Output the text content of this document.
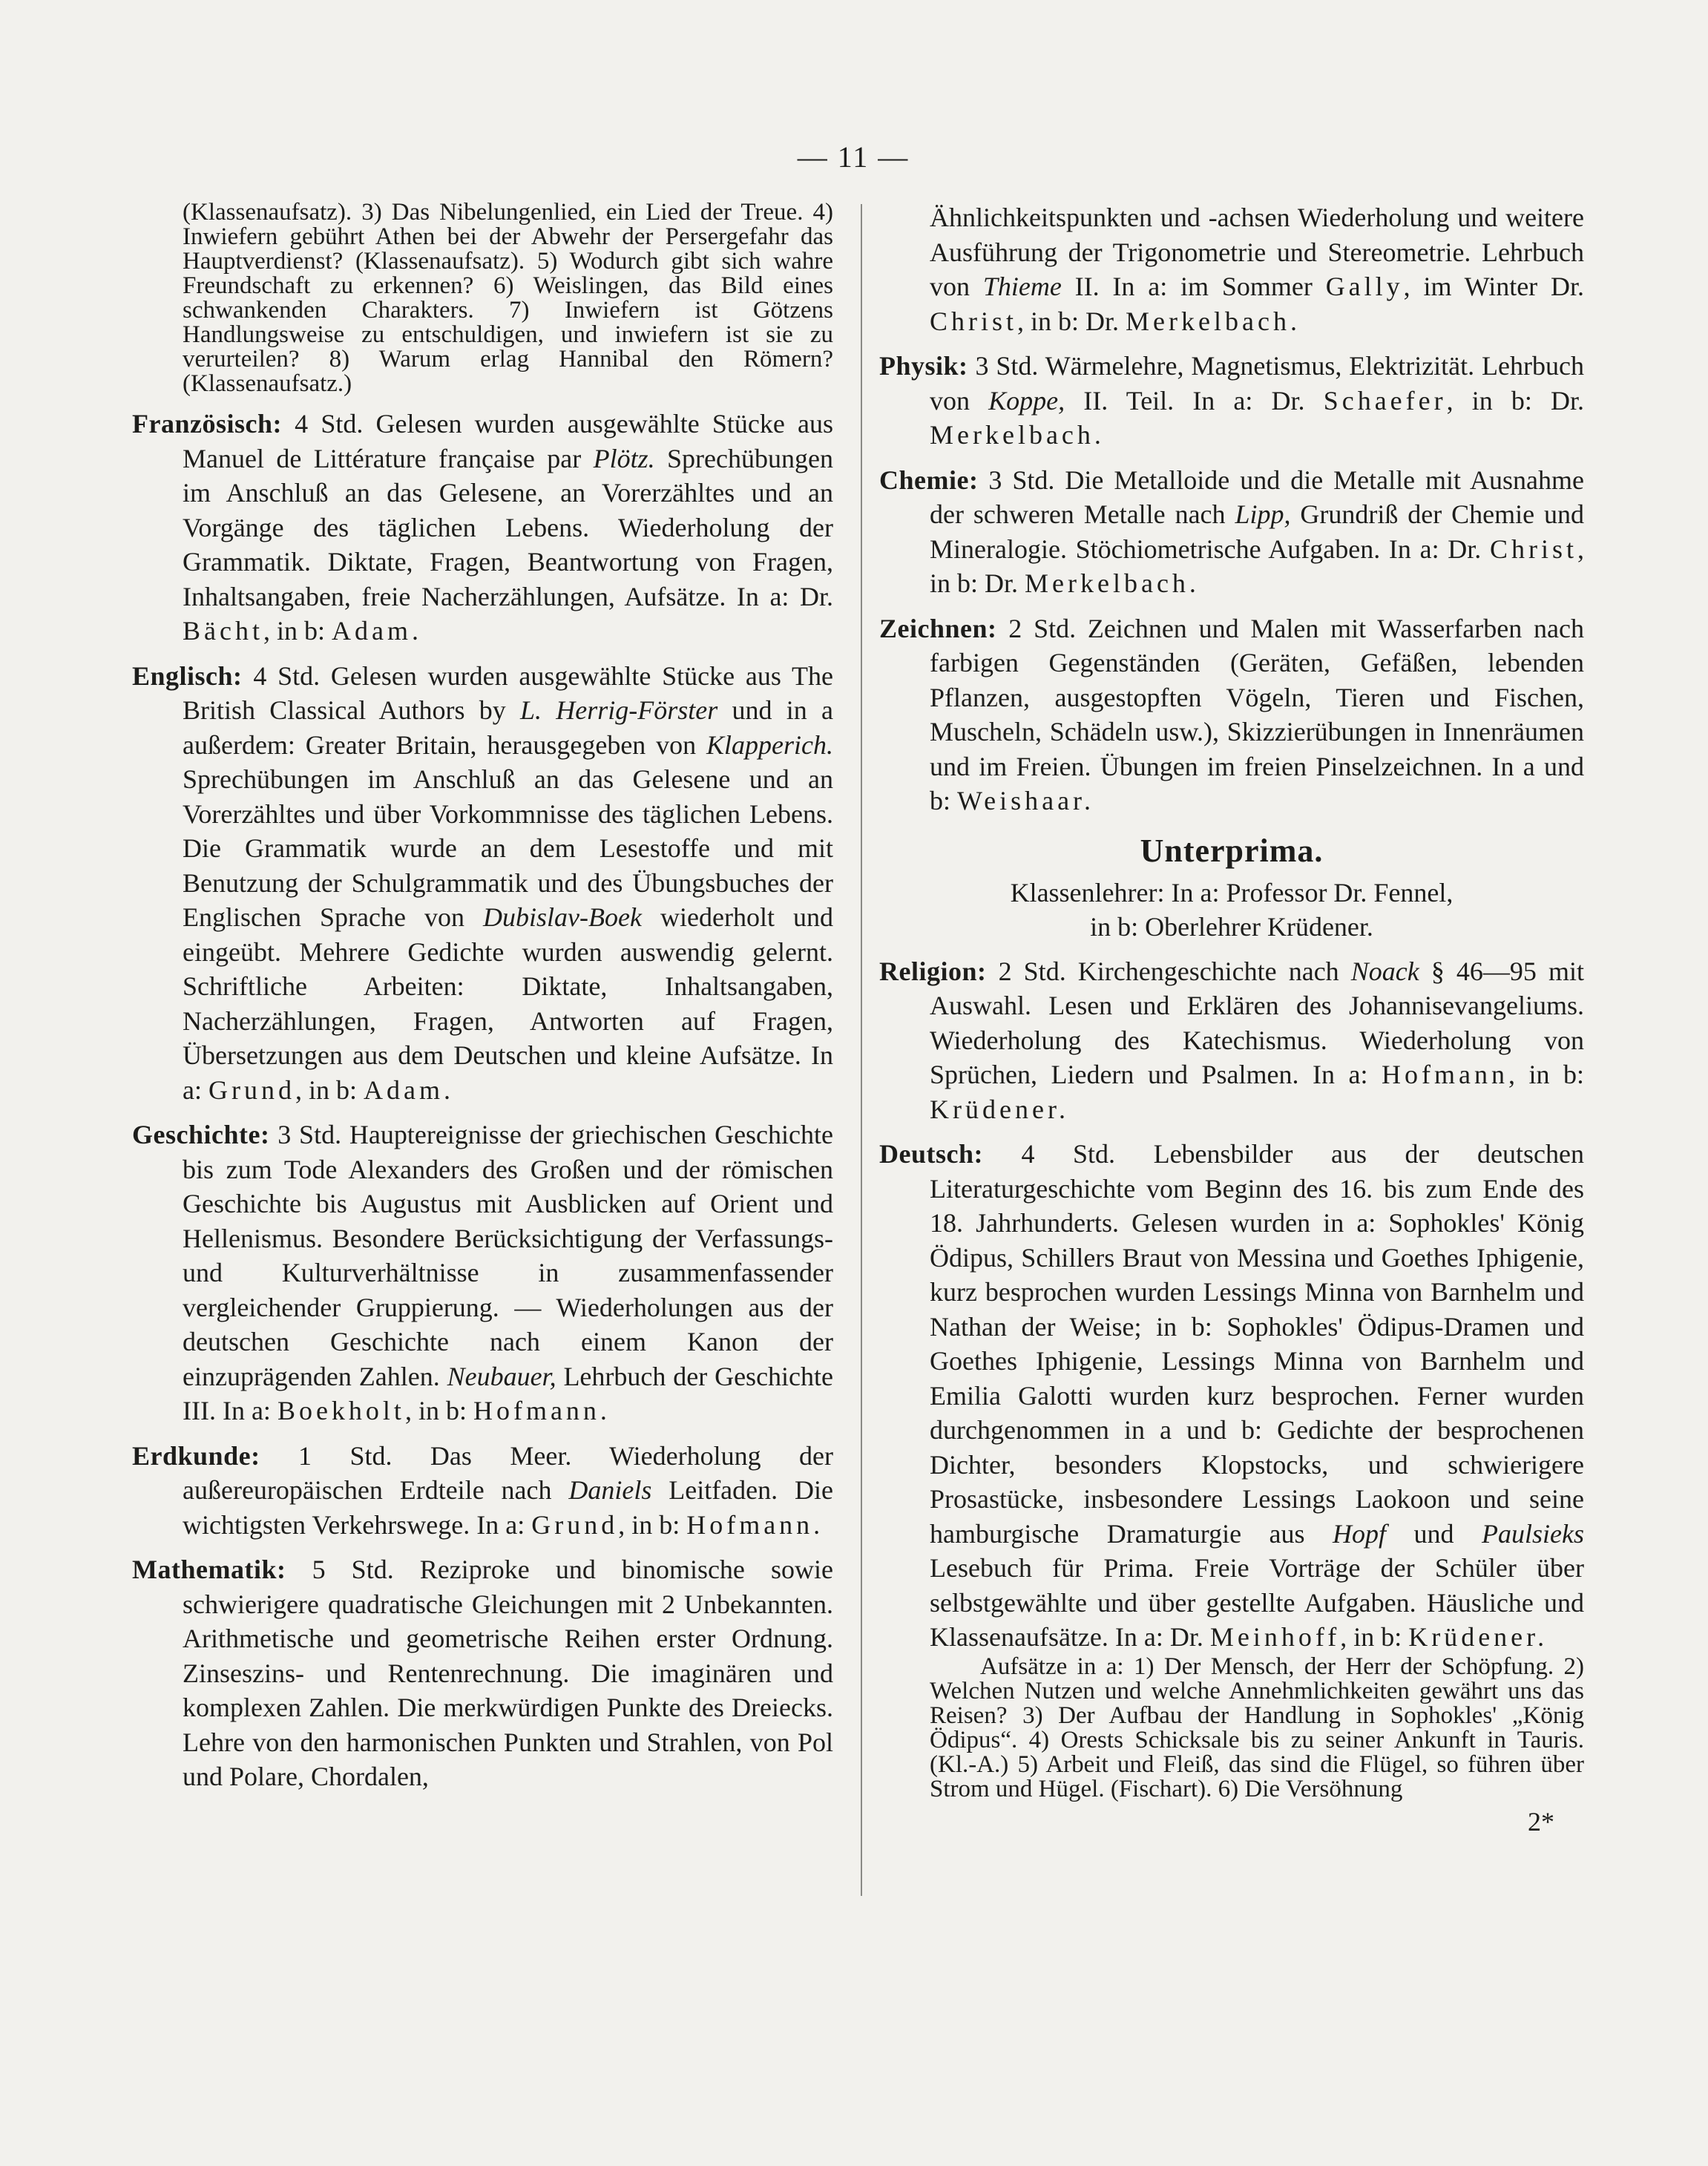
— 11 —

(Klassenaufsatz). 3) Das Nibelungenlied, ein Lied der Treue. 4) Inwiefern gebührt Athen bei der Abwehr der Persergefahr das Hauptverdienst? (Klassenaufsatz). 5) Wodurch gibt sich wahre Freundschaft zu erkennen? 6) Weislingen, das Bild eines schwankenden Charakters. 7) Inwiefern ist Götzens Handlungsweise zu entschuldigen, und inwiefern ist sie zu verurteilen? 8) Warum erlag Hannibal den Römern? (Klassenaufsatz.)

Französisch: 4 Std. Gelesen wurden ausgewählte Stücke aus Manuel de Littérature française par Plötz. Sprechübungen im Anschluß an das Gelesene, an Vorerzähltes und an Vorgänge des täglichen Lebens. Wiederholung der Grammatik. Diktate, Fragen, Beantwortung von Fragen, Inhaltsangaben, freie Nacherzählungen, Aufsätze. In a: Dr. Bächt, in b: Adam.

Englisch: 4 Std. Gelesen wurden ausgewählte Stücke aus The British Classical Authors by L. Herrig-Förster und in a außerdem: Greater Britain, herausgegeben von Klapperich. Sprechübungen im Anschluß an das Gelesene und an Vorerzähltes und über Vorkommnisse des täglichen Lebens. Die Grammatik wurde an dem Lesestoffe und mit Benutzung der Schulgrammatik und des Übungsbuches der Englischen Sprache von Dubislav-Boek wiederholt und eingeübt. Mehrere Gedichte wurden auswendig gelernt. Schriftliche Arbeiten: Diktate, Inhaltsangaben, Nacherzählungen, Fragen, Antworten auf Fragen, Übersetzungen aus dem Deutschen und kleine Aufsätze. In a: Grund, in b: Adam.

Geschichte: 3 Std. Hauptereignisse der griechischen Geschichte bis zum Tode Alexanders des Großen und der römischen Geschichte bis Augustus mit Ausblicken auf Orient und Hellenismus. Besondere Berücksichtigung der Verfassungs- und Kulturverhältnisse in zusammenfassender vergleichender Gruppierung. — Wiederholungen aus der deutschen Geschichte nach einem Kanon der einzuprägenden Zahlen. Neubauer, Lehrbuch der Geschichte III. In a: Boekholt, in b: Hofmann.

Erdkunde: 1 Std. Das Meer. Wiederholung der außereuropäischen Erdteile nach Daniels Leitfaden. Die wichtigsten Verkehrswege. In a: Grund, in b: Hofmann.

Mathematik: 5 Std. Reziproke und binomische sowie schwierigere quadratische Gleichungen mit 2 Unbekannten. Arithmetische und geometrische Reihen erster Ordnung. Zinseszins- und Rentenrechnung. Die imaginären und komplexen Zahlen. Die merkwürdigen Punkte des Dreiecks. Lehre von den harmonischen Punkten und Strahlen, von Pol und Polare, Chordalen,

Ähnlichkeitspunkten und -achsen Wiederholung und weitere Ausführung der Trigonometrie und Stereometrie. Lehrbuch von Thieme II. In a: im Sommer Gally, im Winter Dr. Christ, in b: Dr. Merkelbach.

Physik: 3 Std. Wärmelehre, Magnetismus, Elektrizität. Lehrbuch von Koppe, II. Teil. In a: Dr. Schaefer, in b: Dr. Merkelbach.

Chemie: 3 Std. Die Metalloide und die Metalle mit Ausnahme der schweren Metalle nach Lipp, Grundriß der Chemie und Mineralogie. Stöchiometrische Aufgaben. In a: Dr. Christ, in b: Dr. Merkelbach.

Zeichnen: 2 Std. Zeichnen und Malen mit Wasserfarben nach farbigen Gegenständen (Geräten, Gefäßen, lebenden Pflanzen, ausgestopften Vögeln, Tieren und Fischen, Muscheln, Schädeln usw.), Skizzierübungen in Innenräumen und im Freien. Übungen im freien Pinselzeichnen. In a und b: Weishaar.

Unterprima.

Klassenlehrer: In a: Professor Dr. Fennel,

in b: Oberlehrer Krüdener.

Religion: 2 Std. Kirchengeschichte nach Noack § 46—95 mit Auswahl. Lesen und Erklären des Johannisevangeliums. Wiederholung des Katechismus. Wiederholung von Sprüchen, Liedern und Psalmen. In a: Hofmann, in b: Krüdener.

Deutsch: 4 Std. Lebensbilder aus der deutschen Literaturgeschichte vom Beginn des 16. bis zum Ende des 18. Jahrhunderts. Gelesen wurden in a: Sophokles' König Ödipus, Schillers Braut von Messina und Goethes Iphigenie, kurz besprochen wurden Lessings Minna von Barnhelm und Nathan der Weise; in b: Sophokles' Ödipus-Dramen und Goethes Iphigenie, Lessings Minna von Barnhelm und Emilia Galotti wurden kurz besprochen. Ferner wurden durchgenommen in a und b: Gedichte der besprochenen Dichter, besonders Klopstocks, und schwierigere Prosastücke, insbesondere Lessings Laokoon und seine hamburgische Dramaturgie aus Hopf und Paulsieks Lesebuch für Prima. Freie Vorträge der Schüler über selbstgewählte und über gestellte Aufgaben. Häusliche und Klassenaufsätze. In a: Dr. Meinhoff, in b: Krüdener.

Aufsätze in a: 1) Der Mensch, der Herr der Schöpfung. 2) Welchen Nutzen und welche Annehmlichkeiten gewährt uns das Reisen? 3) Der Aufbau der Handlung in Sophokles' „König Ödipus“. 4) Orests Schicksale bis zu seiner Ankunft in Tauris. (Kl.-A.) 5) Arbeit und Fleiß, das sind die Flügel, so führen über Strom und Hügel. (Fischart). 6) Die Versöhnung

2*
